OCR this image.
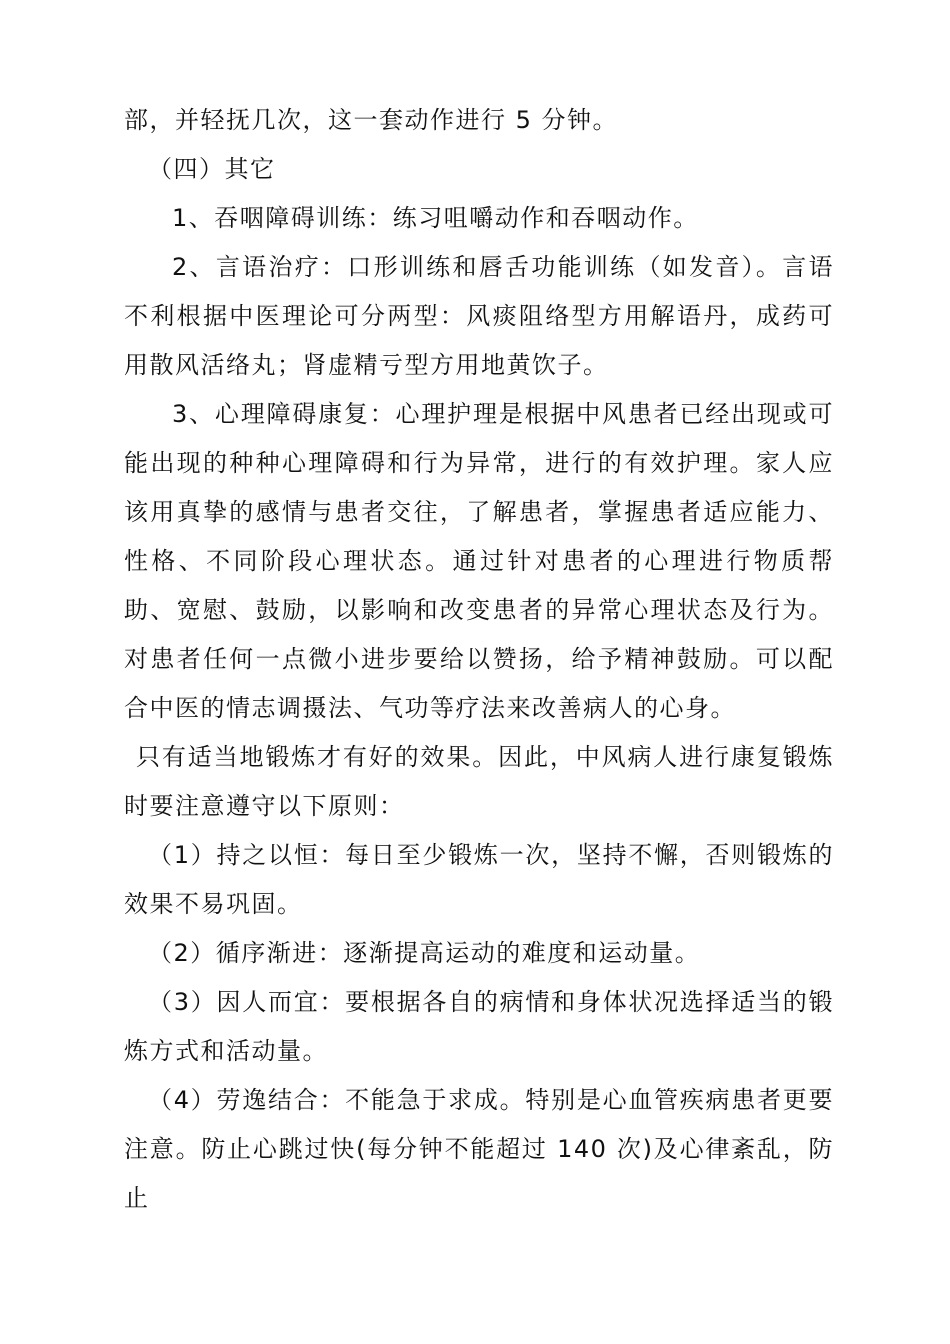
部，并轻抚几次，这一套动作进行 5 分钟。

（四）其它

1、吞咽障碍训练：练习咀嚼动作和吞咽动作。

2、言语治疗：口形训练和唇舌功能训练（如发音）。言语不利根据中医理论可分两型：风痰阻络型方用解语丹，成药可用散风活络丸；肾虚精亏型方用地黄饮子。

3、心理障碍康复：心理护理是根据中风患者已经出现或可能出现的种种心理障碍和行为异常，进行的有效护理。家人应该用真挚的感情与患者交往，了解患者，掌握患者适应能力、性格、不同阶段心理状态。通过针对患者的心理进行物质帮助、宽慰、鼓励，以影响和改变患者的异常心理状态及行为。对患者任何一点微小进步要给以赞扬，给予精神鼓励。可以配合中医的情志调摄法、气功等疗法来改善病人的心身。

只有适当地锻炼才有好的效果。因此，中风病人进行康复锻炼时要注意遵守以下原则：

（1）持之以恒：每日至少锻炼一次，坚持不懈，否则锻炼的效果不易巩固。

（2）循序渐进：逐渐提高运动的难度和运动量。

（3）因人而宜：要根据各自的病情和身体状况选择适当的锻炼方式和活动量。

（4）劳逸结合：不能急于求成。特别是心血管疾病患者更要注意。防止心跳过快(每分钟不能超过 140 次)及心律紊乱，防止
